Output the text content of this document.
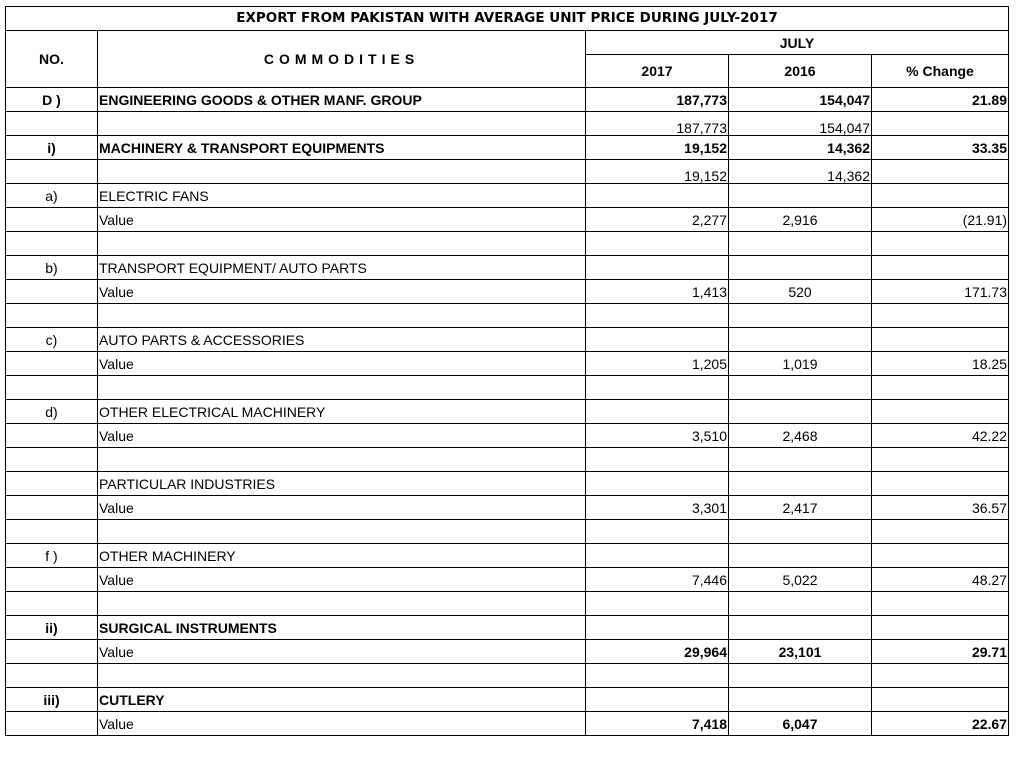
EXPORT FROM PAKISTAN WITH AVERAGE UNIT PRICE DURING JULY-2017				
NO.	COMMODITIES	JULY		
		2017	2016	% Change
D )	ENGINEERING GOODS & OTHER MANF. GROUP	187,773	154,047	21.89
		187,773	154,047	
i)	MACHINERY & TRANSPORT EQUIPMENTS	19,152	14,362	33.35
		19,152	14,362	
a)	ELECTRIC FANS			
	Value	2,277	2,916	(21.91)

b)	TRANSPORT EQUIPMENT/ AUTO PARTS			
	Value	1,413	520	171.73

c)	AUTO PARTS & ACCESSORIES			
	Value	1,205	1,019	18.25

d)	OTHER ELECTRICAL MACHINERY			
	Value	3,510	2,468	42.22

	PARTICULAR INDUSTRIES			
	Value	3,301	2,417	36.57

f )	OTHER MACHINERY			
	Value	7,446	5,022	48.27

ii)	SURGICAL INSTRUMENTS			
	Value	29,964	23,101	29.71

iii)	CUTLERY			
	Value	7,418	6,047	22.67
